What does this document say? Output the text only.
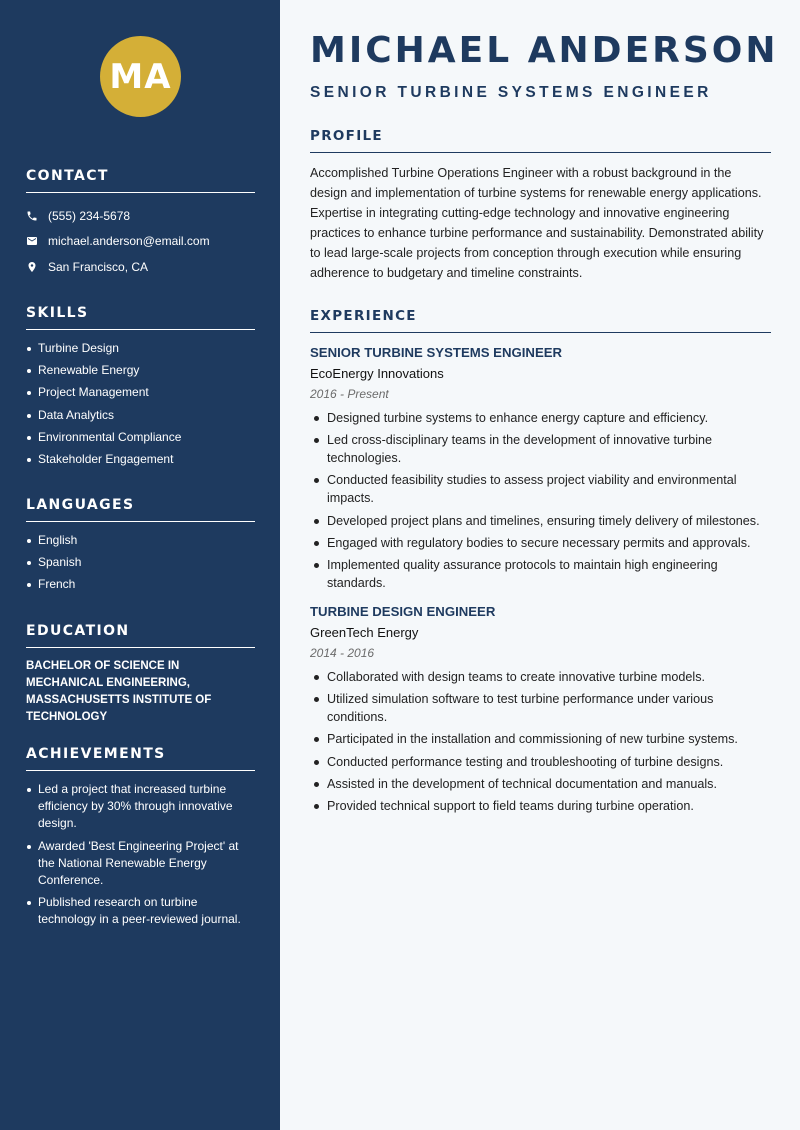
MA
CONTACT
(555) 234-5678
michael.anderson@email.com
San Francisco, CA
SKILLS
Turbine Design
Renewable Energy
Project Management
Data Analytics
Environmental Compliance
Stakeholder Engagement
LANGUAGES
English
Spanish
French
EDUCATION

BACHELOR OF SCIENCE IN MECHANICAL ENGINEERING, MASSACHUSETTS INSTITUTE OF TECHNOLOGY

ACHIEVEMENTS
Led a project that increased turbine efficiency by 30% through innovative design.
Awarded 'Best Engineering Project' at the National Renewable Energy Conference.
Published research on turbine technology in a peer-reviewed journal.
MICHAEL ANDERSON
SENIOR TURBINE SYSTEMS ENGINEER
PROFILE

Accomplished Turbine Operations Engineer with a robust background in the design and implementation of turbine systems for renewable energy applications. Expertise in integrating cutting-edge technology and innovative engineering practices to enhance turbine performance and sustainability. Demonstrated ability to lead large-scale projects from conception through execution while ensuring adherence to budgetary and timeline constraints.

EXPERIENCE
SENIOR TURBINE SYSTEMS ENGINEER
EcoEnergy Innovations
2016 - Present
Designed turbine systems to enhance energy capture and efficiency.
Led cross-disciplinary teams in the development of innovative turbine technologies.
Conducted feasibility studies to assess project viability and environmental impacts.
Developed project plans and timelines, ensuring timely delivery of milestones.
Engaged with regulatory bodies to secure necessary permits and approvals.
Implemented quality assurance protocols to maintain high engineering standards.
TURBINE DESIGN ENGINEER
GreenTech Energy
2014 - 2016
Collaborated with design teams to create innovative turbine models.
Utilized simulation software to test turbine performance under various conditions.
Participated in the installation and commissioning of new turbine systems.
Conducted performance testing and troubleshooting of turbine designs.
Assisted in the development of technical documentation and manuals.
Provided technical support to field teams during turbine operation.
